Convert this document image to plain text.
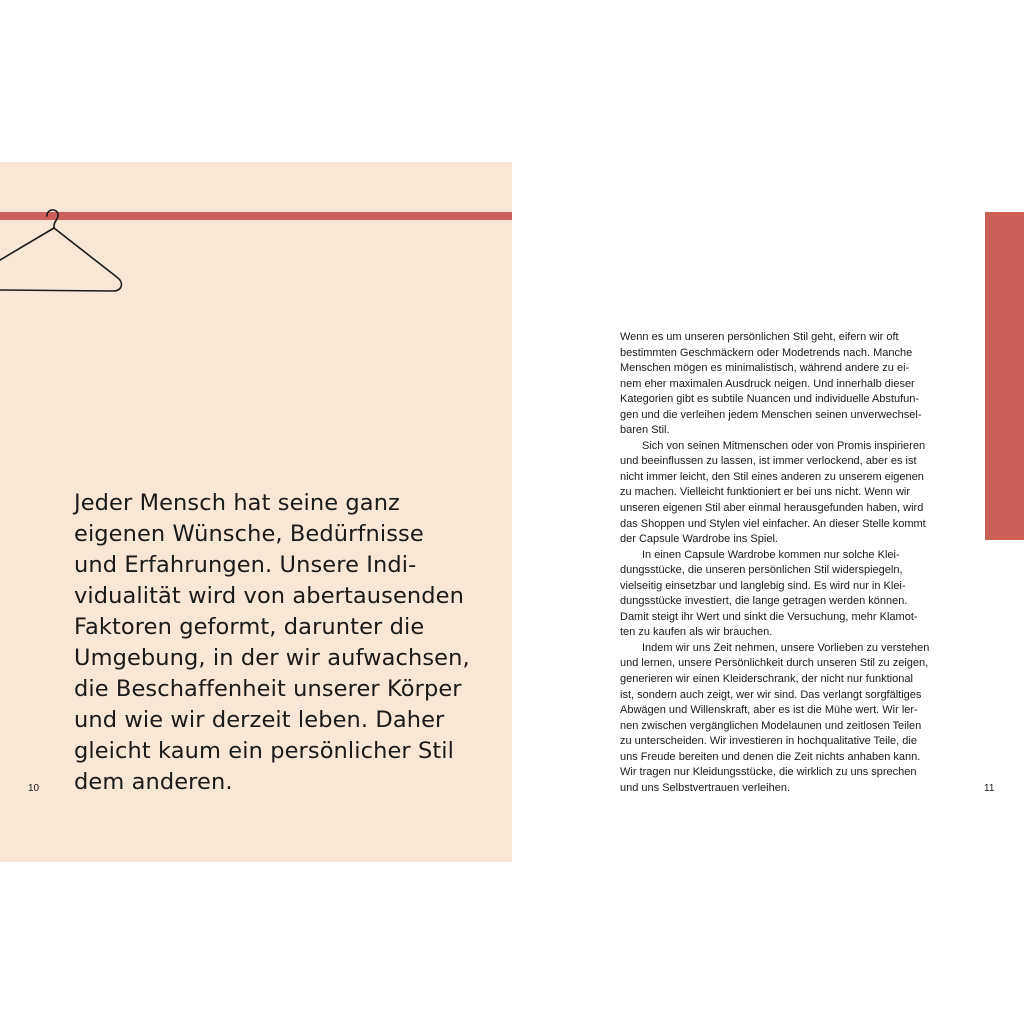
Jeder Mensch hat seine ganz
eigenen Wünsche, Bedürfnisse
und Erfahrungen. Unsere Indi-
vidualität wird von abertausenden
Faktoren geformt, darunter die
Umgebung, in der wir aufwachsen,
die Beschaffenheit unserer Körper
und wie wir derzeit leben. Daher
gleicht kaum ein persönlicher Stil
dem anderen.

10

Wenn es um unseren persönlichen Stil geht, eifern wir oft
bestimmten Geschmäckern oder Modetrends nach. Manche
Menschen mögen es minimalistisch, während andere zu ei-
nem eher maximalen Ausdruck neigen. Und innerhalb dieser
Kategorien gibt es subtile Nuancen und individuelle Abstufun-
gen und die verleihen jedem Menschen seinen unverwechsel-
baren Stil.

Sich von seinen Mitmenschen oder von Promis inspirieren
und beeinflussen zu lassen, ist immer verlockend, aber es ist
nicht immer leicht, den Stil eines anderen zu unserem eigenen
zu machen. Vielleicht funktioniert er bei uns nicht. Wenn wir
unseren eigenen Stil aber einmal herausgefunden haben, wird
das Shoppen und Stylen viel einfacher. An dieser Stelle kommt
der Capsule Wardrobe ins Spiel.

In einen Capsule Wardrobe kommen nur solche Klei-
dungsstücke, die unseren persönlichen Stil widerspiegeln,
vielseitig einsetzbar und langlebig sind. Es wird nur in Klei-
dungsstücke investiert, die lange getragen werden können.
Damit steigt ihr Wert und sinkt die Versuchung, mehr Klamot-
ten zu kaufen als wir brauchen.

Indem wir uns Zeit nehmen, unsere Vorlieben zu verstehen
und lernen, unsere Persönlichkeit durch unseren Stil zu zeigen,
generieren wir einen Kleiderschrank, der nicht nur funktional
ist, sondern auch zeigt, wer wir sind. Das verlangt sorgfältiges
Abwägen und Willenskraft, aber es ist die Mühe wert. Wir ler-
nen zwischen vergänglichen Modelaunen und zeitlosen Teilen
zu unterscheiden. Wir investieren in hochqualitative Teile, die
uns Freude bereiten und denen die Zeit nichts anhaben kann.
Wir tragen nur Kleidungsstücke, die wirklich zu uns sprechen
und uns Selbstvertrauen verleihen.	11
